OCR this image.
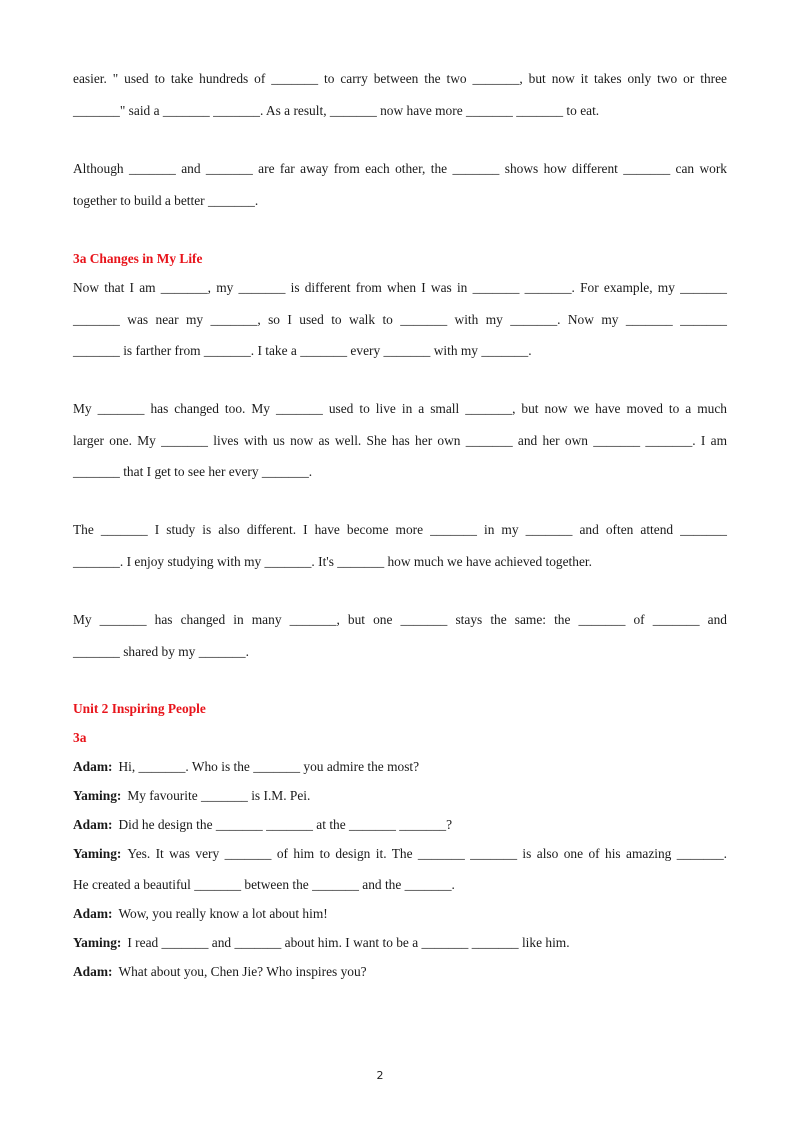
easier. " used to take hundreds of _______ to carry between the two _______, but now it takes only two or three
_______" said a _______ _______. As a result, _______ now have more _______ _______ to eat.
Although _______ and _______ are far away from each other, the _______ shows how different _______ can work
together to build a better _______.
3a Changes in My Life
Now that I am _______, my _______ is different from when I was in _______ _______. For example, my _______
_______ was near my _______, so I used to walk to _______ with my _______. Now my _______ _______
_______ is farther from _______. I take a _______ every _______ with my _______.
My _______ has changed too. My _______ used to live in a small _______, but now we have moved to a much
larger one. My _______ lives with us now as well. She has her own _______ and her own _______ _______. I am
_______ that I get to see her every _______.
The _______ I study is also different. I have become more _______ in my _______ and often attend _______
_______. I enjoy studying with my _______. It's _______ how much we have achieved together.
My _______ has changed in many _______, but one _______ stays the same: the _______ of _______ and
_______ shared by my _______.
Unit 2 Inspiring People
3a
Adam: Hi, _______. Who is the _______ you admire the most?
Yaming: My favourite _______ is I.M. Pei.
Adam: Did he design the _______ _______ at the _______ _______?
Yaming: Yes. It was very _______ of him to design it. The _______ _______ is also one of his amazing _______.
He created a beautiful _______ between the _______ and the _______.
Adam: Wow, you really know a lot about him!
Yaming: I read _______ and _______ about him. I want to be a _______ _______ like him.
Adam: What about you, Chen Jie? Who inspires you?
2
